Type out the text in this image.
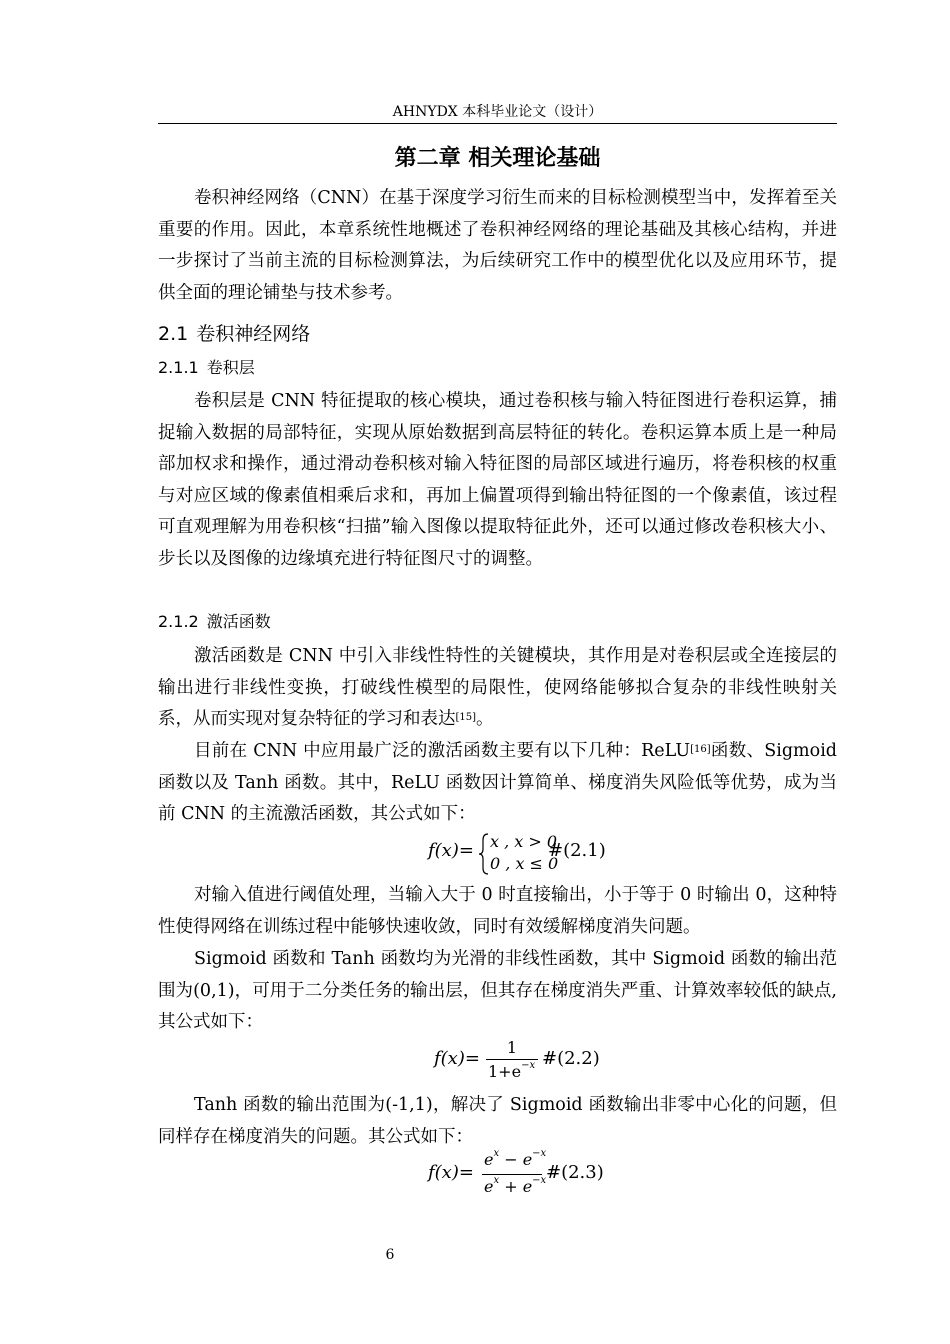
AHNYDX 本科毕业论文（设计）
第二章 相关理论基础
卷积神经网络（CNN）在基于深度学习衍生而来的目标检测模型当中，发挥着至关重要的作用。因此，本章系统性地概述了卷积神经网络的理论基础及其核心结构，并进一步探讨了当前主流的目标检测算法，为后续研究工作中的模型优化以及应用环节，提供全面的理论铺垫与技术参考。
2.1 卷积神经网络
2.1.1 卷积层
卷积层是 CNN 特征提取的核心模块，通过卷积核与输入特征图进行卷积运算，捕捉输入数据的局部特征，实现从原始数据到高层特征的转化。卷积运算本质上是一种局部加权求和操作，通过滑动卷积核对输入特征图的局部区域进行遍历，将卷积核的权重与对应区域的像素值相乘后求和，再加上偏置项得到输出特征图的一个像素值，该过程可直观理解为用卷积核“扫描”输入图像以提取特征此外，还可以通过修改卷积核大小、步长以及图像的边缘填充进行特征图尺寸的调整。
2.1.2 激活函数
激活函数是 CNN 中引入非线性特性的关键模块，其作用是对卷积层或全连接层的输出进行非线性变换，打破线性模型的局限性，使网络能够拟合复杂的非线性映射关系，从而实现对复杂特征的学习和表达[15]。
目前在 CNN 中应用最广泛的激活函数主要有以下几种：ReLU[16]函数、Sigmoid 函数以及 Tanh 函数。其中，ReLU 函数因计算简单、梯度消失风险低等优势，成为当前 CNN 的主流激活函数，其公式如下：
f(x)= x , x > 0
0 , x ≤ 0
#(2.1)
对输入值进行阈值处理，当输入大于 0 时直接输出，小于等于 0 时输出 0，这种特性使得网络在训练过程中能够快速收敛，同时有效缓解梯度消失问题。
Sigmoid 函数和 Tanh 函数均为光滑的非线性函数，其中 Sigmoid 函数的输出范围为(0,1)，可用于二分类任务的输出层，但其存在梯度消失严重、计算效率较低的缺点,其公式如下：
f(x)=
1
$1+e^{-x}$ #(2.2)
Tanh 函数的输出范围为(-1,1)，解决了 Sigmoid 函数输出非零中心化的问题，但同样存在梯度消失的问题。其公式如下：
f(x)=
$e^x - e^{-x}$
$e^x + e^{-x}$ #(2.3)
6
